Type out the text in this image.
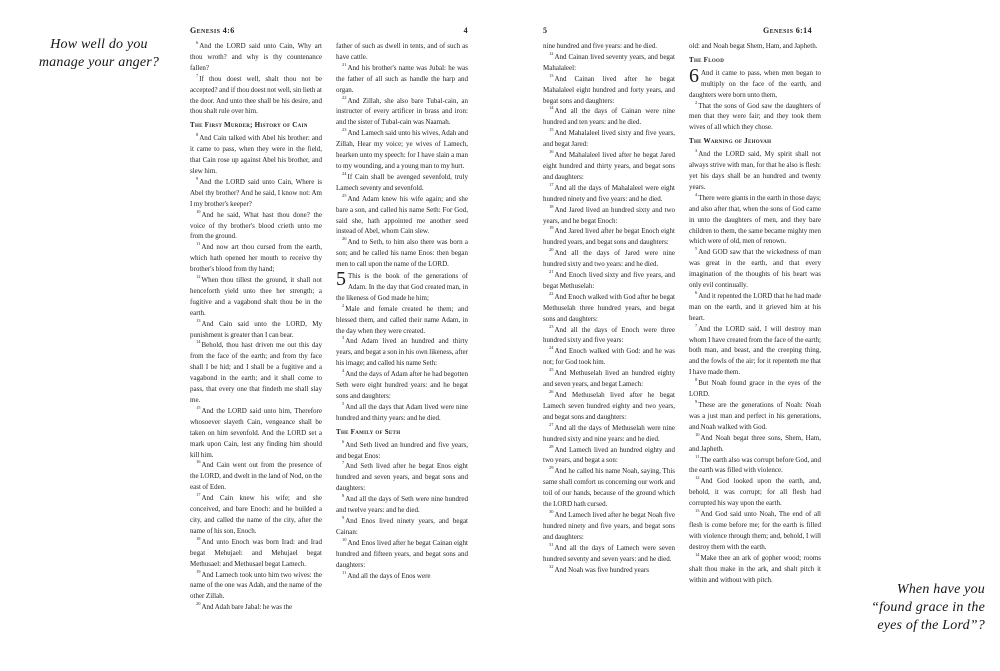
How well do you
manage your anger?
Genesis 4:6	4

$^6$And the LORD said unto Cain, Why art thou wroth? and why is thy countenance fallen?

$^7$If thou doest well, shalt thou not be accepted? and if thou doest not well, sin lieth at the door. And unto thee shall be his desire, and thou shalt rule over him.

The First Murder; History of Cain

$^8$And Cain talked with Abel his brother: and it came to pass, when they were in the field, that Cain rose up against Abel his brother, and slew him.

$^9$And the LORD said unto Cain, Where is Abel thy brother? And he said, I know not: Am I my brother's keeper?

$^{10}$And he said, What hast thou done? the voice of thy brother's blood crieth unto me from the ground.

$^{11}$And now art thou cursed from the earth, which hath opened her mouth to receive thy brother's blood from thy hand;

$^{12}$When thou tillest the ground, it shall not henceforth yield unto thee her strength; a fugitive and a vagabond shalt thou be in the earth.

$^{13}$And Cain said unto the LORD, My punishment is greater than I can bear.

$^{14}$Behold, thou hast driven me out this day from the face of the earth; and from thy face shall I be hid; and I shall be a fugitive and a vagabond in the earth; and it shall come to pass, that every one that findeth me shall slay me.

$^{15}$And the LORD said unto him, Therefore whosoever slayeth Cain, vengeance shall be taken on him sevenfold. And the LORD set a mark upon Cain, lest any finding him should kill him.

$^{16}$And Cain went out from the presence of the LORD, and dwelt in the land of Nod, on the east of Eden.

$^{17}$And Cain knew his wife; and she conceived, and bare Enoch: and he builded a city, and called the name of the city, after the name of his son, Enoch.

$^{18}$And unto Enoch was born Irad: and Irad begat Mehujael: and Mehujael begat Methusael: and Methusael begat Lamech.

$^{19}$And Lamech took unto him two wives: the name of the one was Adah, and the name of the other Zillah.

$^{20}$And Adah bare Jabal: he was the

father of such as dwell in tents, and of such as have cattle.

$^{21}$And his brother's name was Jubal: he was the father of all such as handle the harp and organ.

$^{22}$And Zillah, she also bare Tubal-cain, an instructer of every artificer in brass and iron: and the sister of Tubal-cain was Naamah.

$^{23}$And Lamech said unto his wives, Adah and Zillah, Hear my voice; ye wives of Lamech, hearken unto my speech: for I have slain a man to my wounding, and a young man to my hurt.

$^{24}$If Cain shall be avenged sevenfold, truly Lamech seventy and sevenfold.

$^{25}$And Adam knew his wife again; and she bare a son, and called his name Seth: For God, said she, hath appointed me another seed instead of Abel, whom Cain slew.

$^{26}$And to Seth, to him also there was born a son; and he called his name Enos: then began men to call upon the name of the LORD.

5 This is the book of the generations of Adam. In the day that God created man, in the likeness of God made he him;

$^2$Male and female created he them; and blessed them, and called their name Adam, in the day when they were created.

$^3$And Adam lived an hundred and thirty years, and begat a son in his own likeness, after his image; and called his name Seth:

$^4$And the days of Adam after he had begotten Seth were eight hundred years: and he begat sons and daughters:

$^5$And all the days that Adam lived were nine hundred and thirty years: and he died.

The Family of Seth

$^6$And Seth lived an hundred and five years, and begat Enos:

$^7$And Seth lived after he begat Enos eight hundred and seven years, and begat sons and daughters:

$^8$And all the days of Seth were nine hundred and twelve years: and he died.

$^9$And Enos lived ninety years, and begat Cainan:

$^{10}$And Enos lived after he begat Cainan eight hundred and fifteen years, and begat sons and daughters:

$^{11}$And all the days of Enos were

5	Genesis 6:14

nine hundred and five years: and he died.

$^{12}$And Cainan lived seventy years, and begat Mahalaleel:

$^{13}$And Cainan lived after he begat Mahalaleel eight hundred and forty years, and begat sons and daughters:

$^{14}$And all the days of Cainan were nine hundred and ten years: and he died.

$^{15}$And Mahalaleel lived sixty and five years, and begat Jared:

$^{16}$And Mahalaleel lived after he begat Jared eight hundred and thirty years, and begat sons and daughters:

$^{17}$And all the days of Mahalaleel were eight hundred ninety and five years: and he died.

$^{18}$And Jared lived an hundred sixty and two years, and he begat Enoch:

$^{19}$And Jared lived after he begat Enoch eight hundred years, and begat sons and daughters:

$^{20}$And all the days of Jared were nine hundred sixty and two years: and he died.

$^{21}$And Enoch lived sixty and five years, and begat Methuselah:

$^{22}$And Enoch walked with God after he begat Methuselah three hundred years, and begat sons and daughters:

$^{23}$And all the days of Enoch were three hundred sixty and five years:

$^{24}$And Enoch walked with God: and he was not; for God took him.

$^{25}$And Methuselah lived an hundred eighty and seven years, and begat Lamech:

$^{26}$And Methuselah lived after he begat Lamech seven hundred eighty and two years, and begat sons and daughters:

$^{27}$And all the days of Methuselah were nine hundred sixty and nine years: and he died.

$^{28}$And Lamech lived an hundred eighty and two years, and begat a son:

$^{29}$And he called his name Noah, saying, This same shall comfort us concerning our work and toil of our hands, because of the ground which the LORD hath cursed.

$^{30}$And Lamech lived after he begat Noah five hundred ninety and five years, and begat sons and daughters:

$^{31}$And all the days of Lamech were seven hundred seventy and seven years: and he died.

$^{32}$And Noah was five hundred years

old: and Noah begat Shem, Ham, and Japheth.

The Flood

6 And it came to pass, when men began to multiply on the face of the earth, and daughters were born unto them,

$^2$That the sons of God saw the daughters of men that they were fair; and they took them wives of all which they chose.

The Warning of Jehovah

$^3$And the LORD said, My spirit shall not always strive with man, for that he also is flesh: yet his days shall be an hundred and twenty years.

$^4$There were giants in the earth in those days; and also after that, when the sons of God came in unto the daughters of men, and they bare children to them, the same became mighty men which were of old, men of renown.

$^5$And GOD saw that the wickedness of man was great in the earth, and that every imagination of the thoughts of his heart was only evil continually.

$^6$And it repented the LORD that he had made man on the earth, and it grieved him at his heart.

$^7$And the LORD said, I will destroy man whom I have created from the face of the earth; both man, and beast, and the creeping thing, and the fowls of the air; for it repenteth me that I have made them.

$^8$But Noah found grace in the eyes of the LORD.

$^9$These are the generations of Noah: Noah was a just man and perfect in his generations, and Noah walked with God.

$^{10}$And Noah begat three sons, Shem, Ham, and Japheth.

$^{11}$The earth also was corrupt before God, and the earth was filled with violence.

$^{12}$And God looked upon the earth, and, behold, it was corrupt; for all flesh had corrupted his way upon the earth.

$^{13}$And God said unto Noah, The end of all flesh is come before me; for the earth is filled with violence through them; and, behold, I will destroy them with the earth.

$^{14}$Make thee an ark of gopher wood; rooms shalt thou make in the ark, and shalt pitch it within and without with pitch.

When have you
“found grace in the
eyes of the Lord”?
